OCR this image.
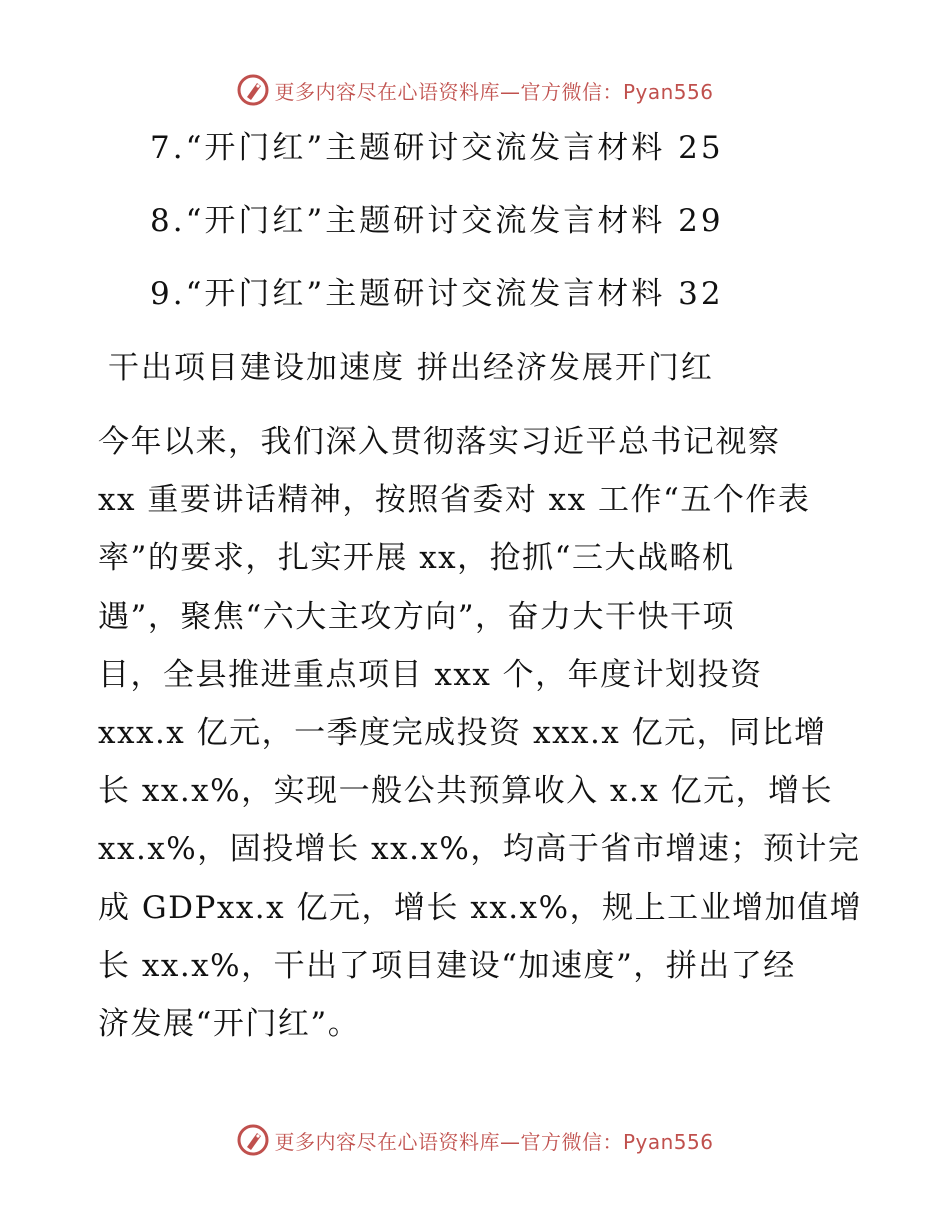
更多内容尽在心语资料库—官方微信：Pyan556
7.“开门红”主题研讨交流发言材料 25
8.“开门红”主题研讨交流发言材料 29
9.“开门红”主题研讨交流发言材料 32
干出项目建设加速度 拼出经济发展开门红
今年以来，我们深入贯彻落实习近平总书记视察
xx 重要讲话精神，按照省委对 xx 工作“五个作表
率”的要求，扎实开展 xx，抢抓“三大战略机
遇”，聚焦“六大主攻方向”，奋力大干快干项
目，全县推进重点项目 xxx 个，年度计划投资
xxx.x 亿元，一季度完成投资 xxx.x 亿元，同比增
长 xx.x%，实现一般公共预算收入 x.x 亿元，增长
xx.x%，固投增长 xx.x%，均高于省市增速；预计完
成 GDPxx.x 亿元，增长 xx.x%，规上工业增加值增
长 xx.x%，干出了项目建设“加速度”，拼出了经
济发展“开门红”。
更多内容尽在心语资料库—官方微信：Pyan556
